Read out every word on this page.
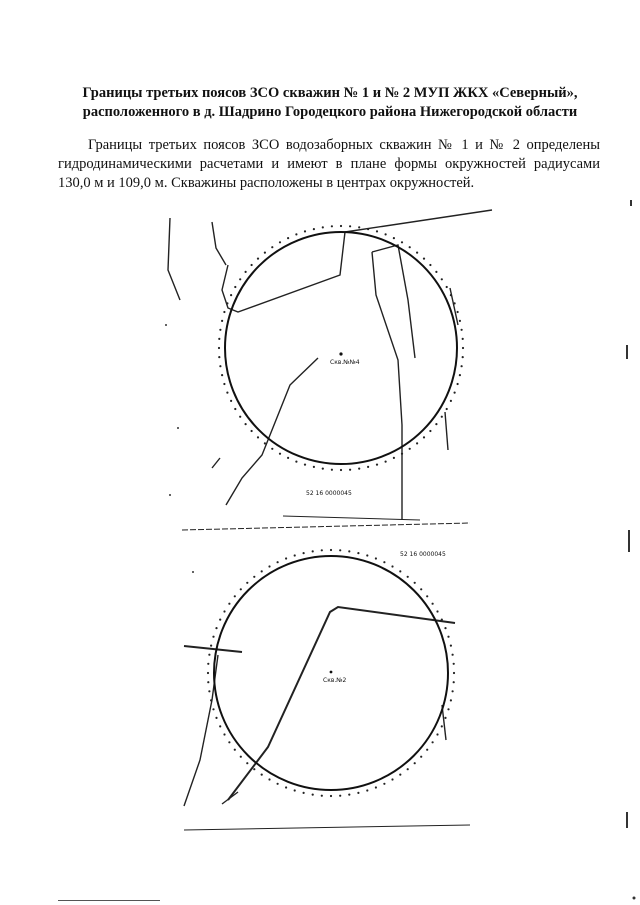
Границы третьих поясов ЗСО скважин № 1 и № 2 МУП ЖКХ «Северный»,
расположенного в д. Шадрино Городецкого района Нижегородской области

Границы третьих поясов ЗСО водозаборных скважин № 1 и № 2 определены гидродинамическими расчетами и имеют в плане формы окружностей радиусами 130,0 м и 109,0 м. Скважины расположены в центрах окружностей.

Скв.№№4
52 16 0000045
Скв.№2
52 16 0000045
